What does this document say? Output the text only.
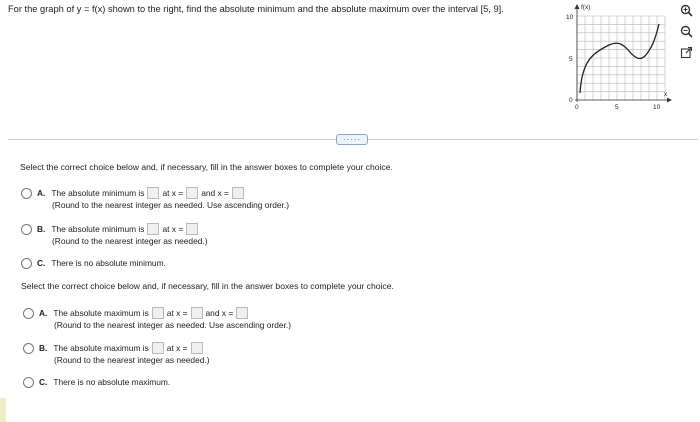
For the graph of y = f(x) shown to the right, find the absolute minimum and the absolute maximum over the interval [5, 9].	f(x)
x
10
5
0
0	5	10
·····
Select the correct choice below and, if necessary, fill in the answer boxes to complete your choice.
A. The absolute minimum is at x = and x =
(Round to the nearest integer as needed. Use ascending order.)
B. The absolute minimum is at x =
(Round to the nearest integer as needed.)
C. There is no absolute minimum.
Select the correct choice below and, if necessary, fill in the answer boxes to complete your choice.
A. The absolute maximum is at x = and x =
(Round to the nearest integer as needed. Use ascending order.)
B. The absolute maximum is at x =
(Round to the nearest integer as needed.)
C. There is no absolute maximum.
